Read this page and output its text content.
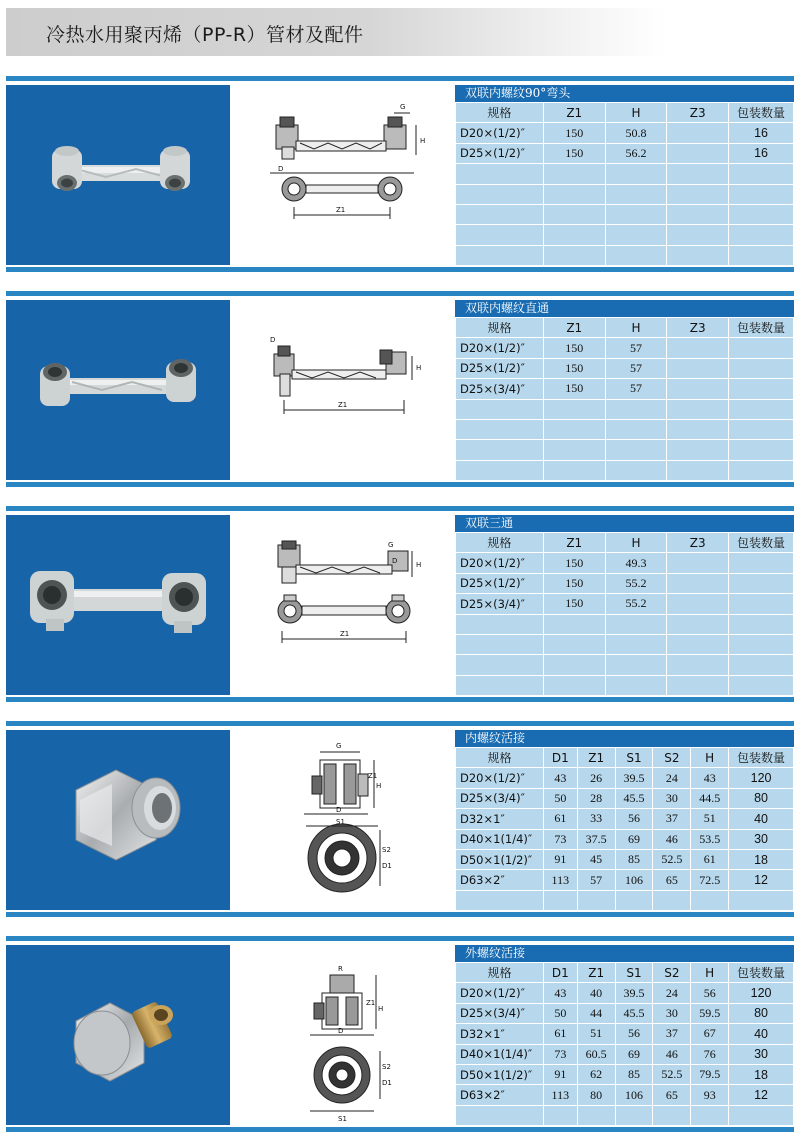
冷热水用聚丙烯（PP-R）管材及配件
G
H
D
Z1
双联内螺纹90°弯头
规格	Z1	H	Z3	包装数量
D20×(1/2)″	150	50.8		16
D25×(1/2)″	150	56.2		16

D
H
Z1
双联内螺纹直通
规格	Z1	H	Z3	包装数量
D20×(1/2)″	150	57		
D25×(1/2)″	150	57		
D25×(3/4)″	150	57		

G
D	H
Z1
双联三通
规格	Z1	H	Z3	包装数量
D20×(1/2)″	150	49.3		
D25×(1/2)″	150	55.2		
D25×(3/4)″	150	55.2		

G
Z1
H
D
S1
S2
D1
内螺纹活接
规格	D1	Z1	S1	S2	H	包装数量
D20×(1/2)″	43	26	39.5	24	43	120
D25×(3/4)″	50	28	45.5	30	44.5	80
D32×1″	61	33	56	37	51	40
D40×1(1/4)″	73	37.5	69	46	53.5	30
D50×1(1/2)″	91	45	85	52.5	61	18
D63×2″	113	57	106	65	72.5	12

R
Z1
H
D
S2
D1
S1
外螺纹活接
规格	D1	Z1	S1	S2	H	包装数量
D20×(1/2)″	43	40	39.5	24	56	120
D25×(3/4)″	50	44	45.5	30	59.5	80
D32×1″	61	51	56	37	67	40
D40×1(1/4)″	73	60.5	69	46	76	30
D50×1(1/2)″	91	62	85	52.5	79.5	18
D63×2″	113	80	106	65	93	12
